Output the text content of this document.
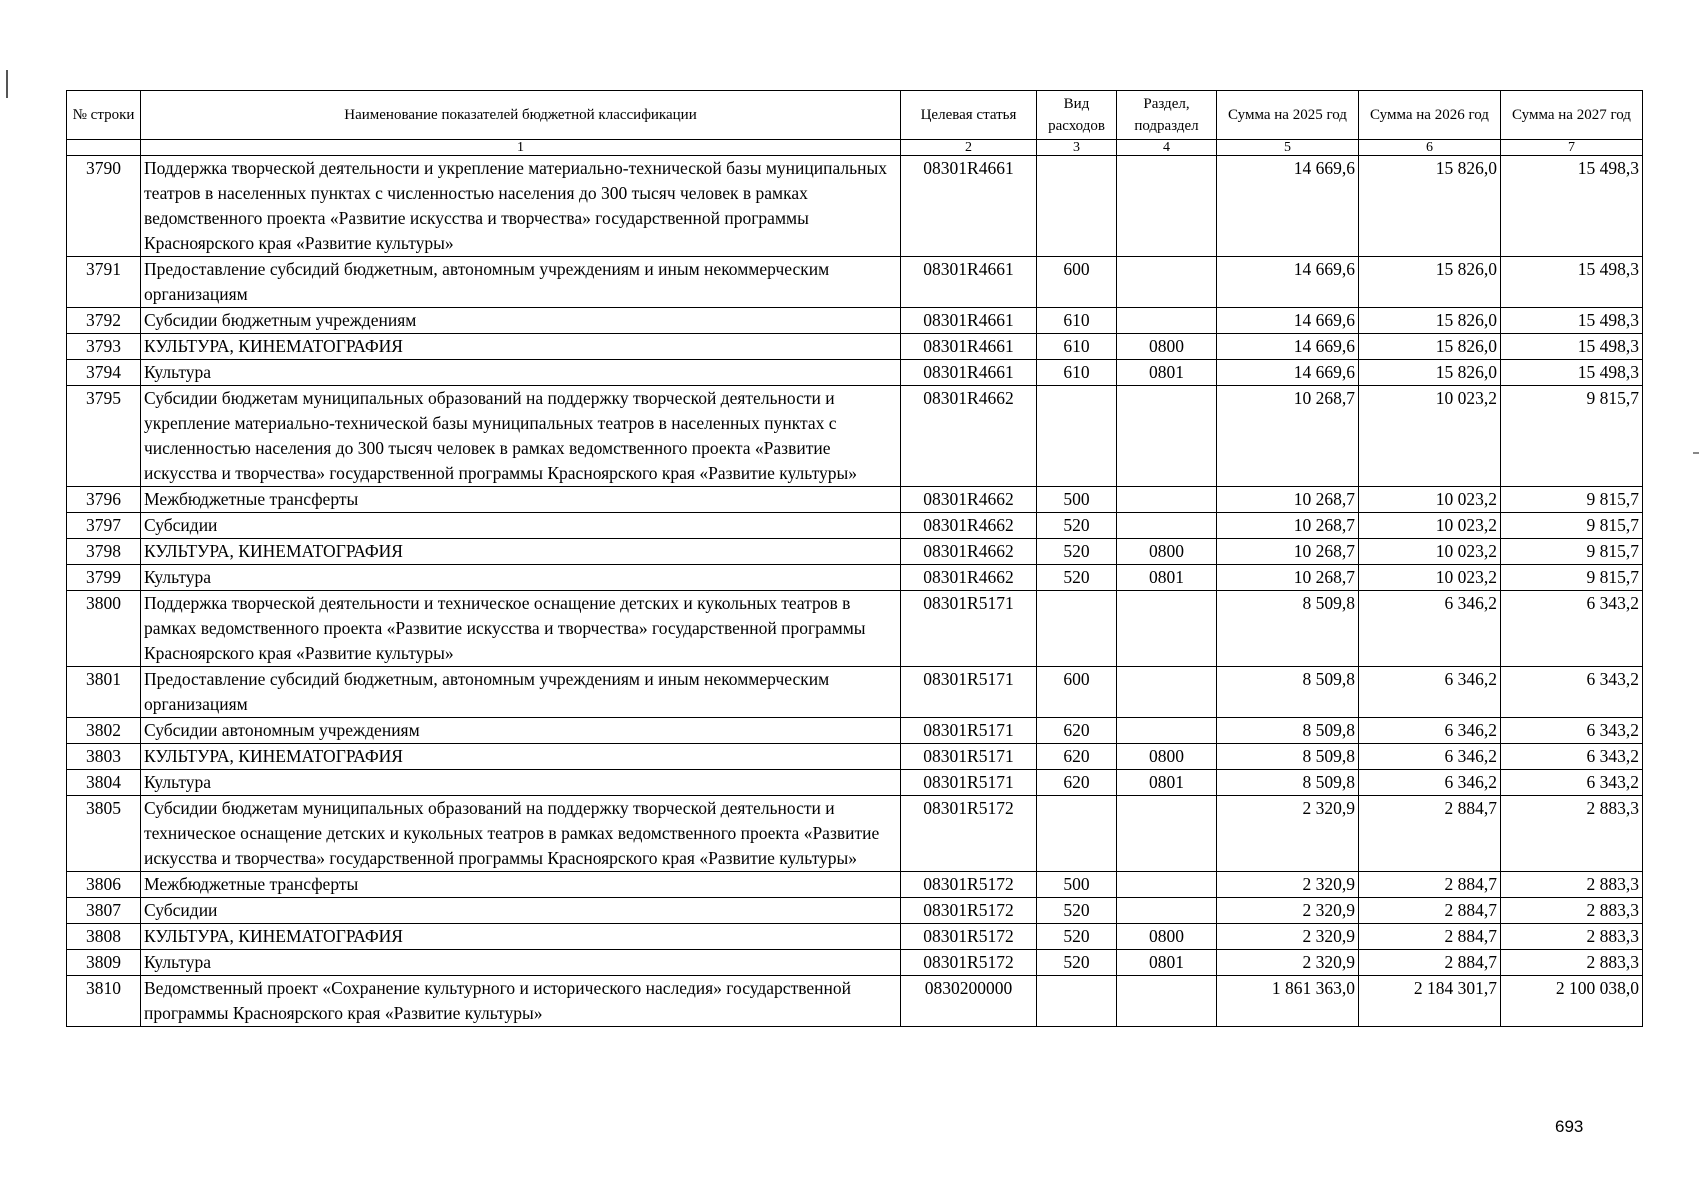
№ строки	Наименование показателей бюджетной классификации	Целевая статья	Вид расходов	Раздел, подраздел	Сумма на 2025 год	Сумма на 2026 год	Сумма на 2027 год
	1	2	3	4	5	6	7
3790	Поддержка творческой деятельности и укрепление материально-технической базы муниципальных театров в населенных пунктах с численностью населения до 300 тысяч человек в рамках ведомственного проекта «Развитие искусства и творчества» государственной программы Красноярского края «Развитие культуры»	08301R4661			14 669,6	15 826,0	15 498,3
3791	Предоставление субсидий бюджетным, автономным учреждениям и иным некоммерческим организациям	08301R4661	600		14 669,6	15 826,0	15 498,3
3792	Субсидии бюджетным учреждениям	08301R4661	610		14 669,6	15 826,0	15 498,3
3793	КУЛЬТУРА, КИНЕМАТОГРАФИЯ	08301R4661	610	0800	14 669,6	15 826,0	15 498,3
3794	Культура	08301R4661	610	0801	14 669,6	15 826,0	15 498,3
3795	Субсидии бюджетам муниципальных образований на поддержку творческой деятельности и укрепление материально-технической базы муниципальных театров в населенных пунктах с численностью населения до 300 тысяч человек в рамках ведомственного проекта «Развитие искусства и творчества» государственной программы Красноярского края «Развитие культуры»	08301R4662			10 268,7	10 023,2	9 815,7
3796	Межбюджетные трансферты	08301R4662	500		10 268,7	10 023,2	9 815,7
3797	Субсидии	08301R4662	520		10 268,7	10 023,2	9 815,7
3798	КУЛЬТУРА, КИНЕМАТОГРАФИЯ	08301R4662	520	0800	10 268,7	10 023,2	9 815,7
3799	Культура	08301R4662	520	0801	10 268,7	10 023,2	9 815,7
3800	Поддержка творческой деятельности и техническое оснащение детских и кукольных театров в рамках ведомственного проекта «Развитие искусства и творчества» государственной программы Красноярского края «Развитие культуры»	08301R5171			8 509,8	6 346,2	6 343,2
3801	Предоставление субсидий бюджетным, автономным учреждениям и иным некоммерческим организациям	08301R5171	600		8 509,8	6 346,2	6 343,2
3802	Субсидии автономным учреждениям	08301R5171	620		8 509,8	6 346,2	6 343,2
3803	КУЛЬТУРА, КИНЕМАТОГРАФИЯ	08301R5171	620	0800	8 509,8	6 346,2	6 343,2
3804	Культура	08301R5171	620	0801	8 509,8	6 346,2	6 343,2
3805	Субсидии бюджетам муниципальных образований на поддержку творческой деятельности и техническое оснащение детских и кукольных театров в рамках ведомственного проекта «Развитие искусства и творчества» государственной программы Красноярского края «Развитие культуры»	08301R5172			2 320,9	2 884,7	2 883,3
3806	Межбюджетные трансферты	08301R5172	500		2 320,9	2 884,7	2 883,3
3807	Субсидии	08301R5172	520		2 320,9	2 884,7	2 883,3
3808	КУЛЬТУРА, КИНЕМАТОГРАФИЯ	08301R5172	520	0800	2 320,9	2 884,7	2 883,3
3809	Культура	08301R5172	520	0801	2 320,9	2 884,7	2 883,3
3810	Ведомственный проект «Сохранение культурного и исторического наследия» государственной программы Красноярского края «Развитие культуры»	0830200000			1 861 363,0	2 184 301,7	2 100 038,0
693
